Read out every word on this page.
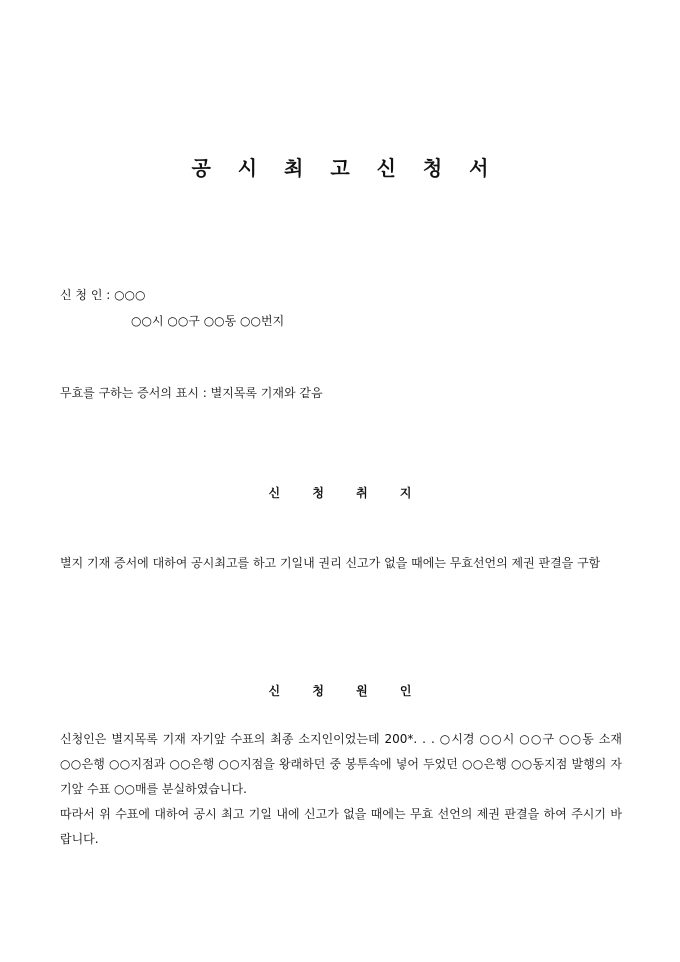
공 시 최 고 신 청 서
신 청 인 : ○○○
○○시 ○○구 ○○동 ○○번지
무효를 구하는 증서의 표시 : 별지목록 기재와 같음
신 청 취 지

별지 기재 증서에 대하여 공시최고를 하고 기일내 권리 신고가 없을 때에는 무효선언의 제권 판결을 구함

신 청 원 인

신청인은 별지목록 기재 자기앞 수표의 최종 소지인이었는데 200*. . . ○시경 ○○시 ○○구 ○○동 소재 ○○은행 ○○지점과 ○○은행 ○○지점을 왕래하던 중 봉투속에 넣어 두었던 ○○은행 ○○동지점 발행의 자기앞 수표 ○○매를 분실하였습니다.

따라서 위 수표에 대하여 공시 최고 기일 내에 신고가 없을 때에는 무효 선언의 제권 판결을 하여 주시기 바랍니다.
